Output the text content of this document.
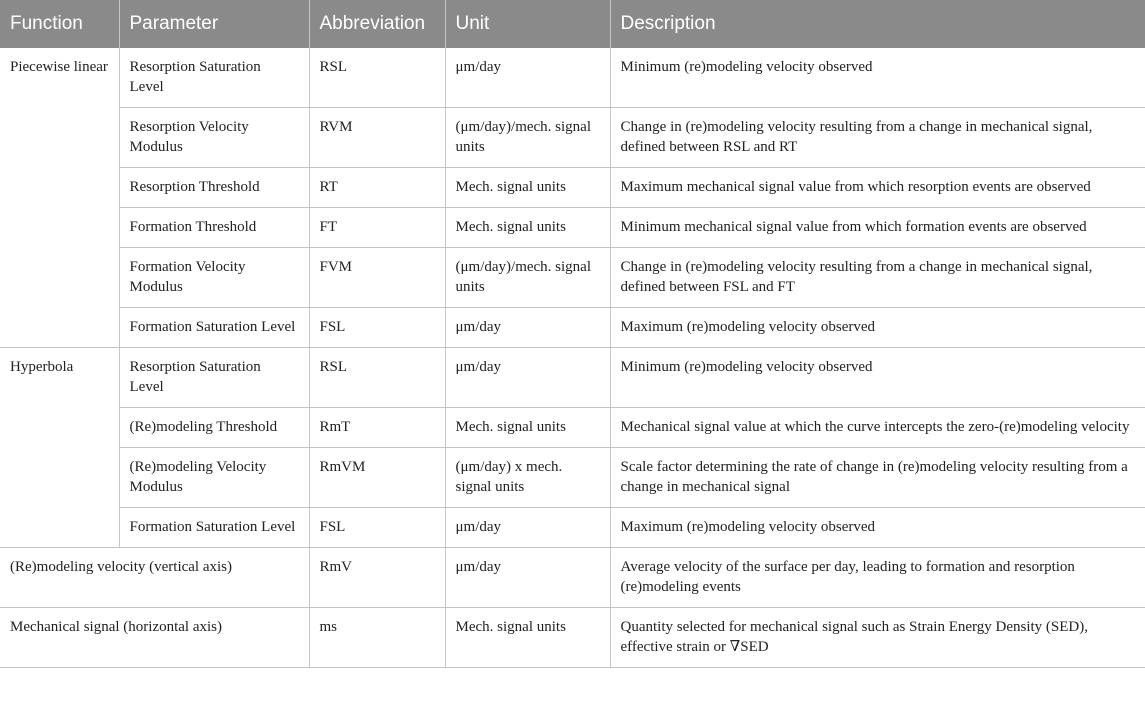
Function	Parameter	Abbreviation	Unit	Description
Piecewise linear	Resorption Saturation Level	RSL	μm/day	Minimum (re)modeling velocity observed
	Resorption Velocity Modulus	RVM	(μm/day)/mech. signal units	Change in (re)modeling velocity resulting from a change in mechanical signal, defined between RSL and RT
	Resorption Threshold	RT	Mech. signal units	Maximum mechanical signal value from which resorption events are observed
	Formation Threshold	FT	Mech. signal units	Minimum mechanical signal value from which formation events are observed
	Formation Velocity Modulus	FVM	(μm/day)/mech. signal units	Change in (re)modeling velocity resulting from a change in mechanical signal, defined between FSL and FT
	Formation Saturation Level	FSL	μm/day	Maximum (re)modeling velocity observed
Hyperbola	Resorption Saturation Level	RSL	μm/day	Minimum (re)modeling velocity observed
	(Re)modeling Threshold	RmT	Mech. signal units	Mechanical signal value at which the curve intercepts the zero-(re)modeling velocity
	(Re)modeling Velocity Modulus	RmVM	(μm/day) x mech. signal units	Scale factor determining the rate of change in (re)modeling velocity resulting from a change in mechanical signal
	Formation Saturation Level	FSL	μm/day	Maximum (re)modeling velocity observed
(Re)modeling velocity (vertical axis)		RmV	μm/day	Average velocity of the surface per day, leading to formation and resorption (re)modeling events
Mechanical signal (horizontal axis)		ms	Mech. signal units	Quantity selected for mechanical signal such as Strain Energy Density (SED), effective strain or ∇SED
